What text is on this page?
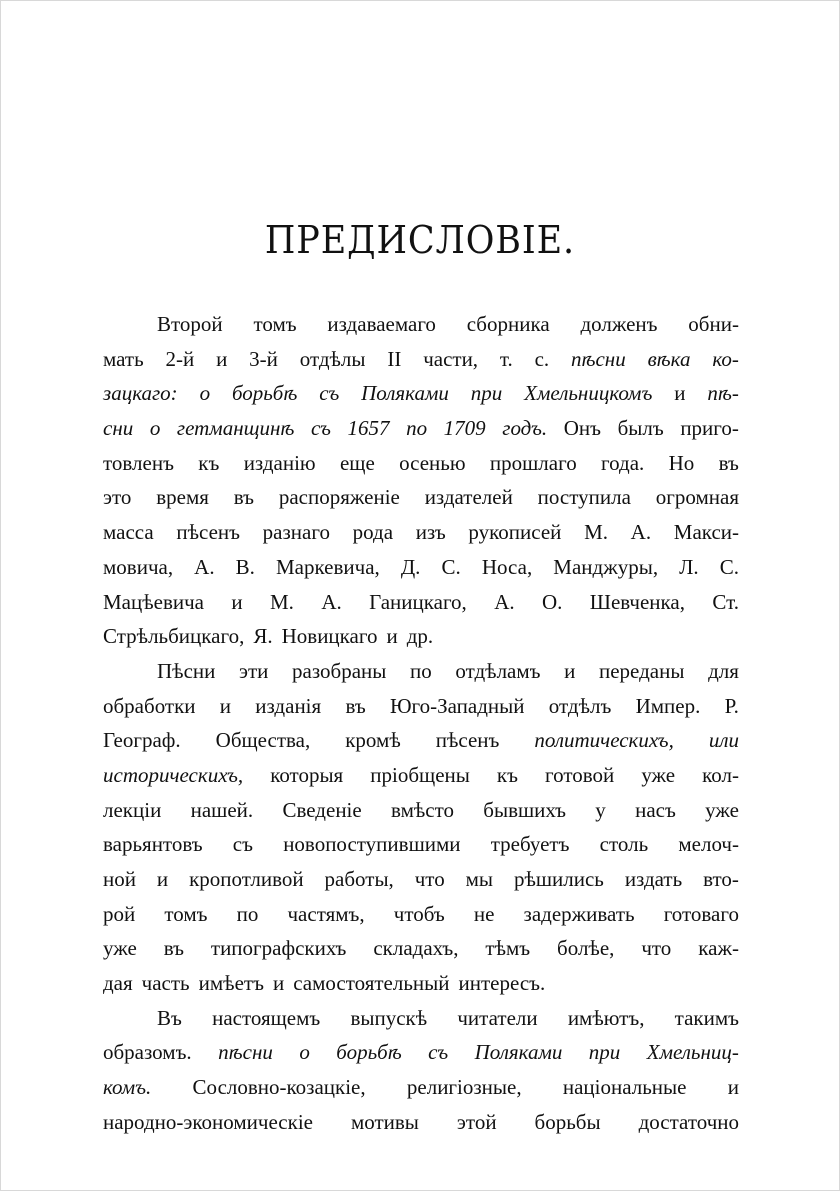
ПРЕДИСЛОВІЕ.
Второй томъ издаваемаго сборника долженъ обни-
мать 2-й и 3-й отдѣлы II части, т. с. пѣсни вѣка ко-
зацкаго: о борьбѣ съ Поляками при Хмельницкомъ и пѣ-
сни о гетманщинѣ съ 1657 по 1709 годъ. Онъ былъ приго-
товленъ къ изданію еще осенью прошлаго года. Но въ
это время въ распоряженіе издателей поступила огромная
масса пѣсенъ разнаго рода изъ рукописей М. А. Макси-
мовича, А. В. Маркевича, Д. С. Носа, Манджуры, Л. С.
Мацѣевича и М. А. Ганицкаго, А. О. Шевченка, Ст.
Стрѣльбицкаго, Я. Новицкаго и др.
Пѣсни эти разобраны по отдѣламъ и переданы для
обработки и изданія въ Юго-Западный отдѣлъ Импер. Р.
Географ. Общества, кромѣ пѣсенъ политическихъ, или
историческихъ, которыя пріобщены къ готовой уже кол-
лекціи нашей. Сведеніе вмѣсто бывшихъ у насъ уже
варьянтовъ съ новопоступившими требуетъ столь мелоч-
ной и кропотливой работы, что мы рѣшились издать вто-
рой томъ по частямъ, чтобъ не задерживать готоваго
уже въ типографскихъ складахъ, тѣмъ болѣе, что каж-
дая часть имѣетъ и самостоятельный интересъ.
Въ настоящемъ выпускѣ читатели имѣютъ, такимъ
образомъ. пѣсни о борьбѣ съ Поляками при Хмельниц-
комъ. Сословно-козацкіе, религіозные, національные и
народно-экономическіе мотивы этой борьбы достаточно
